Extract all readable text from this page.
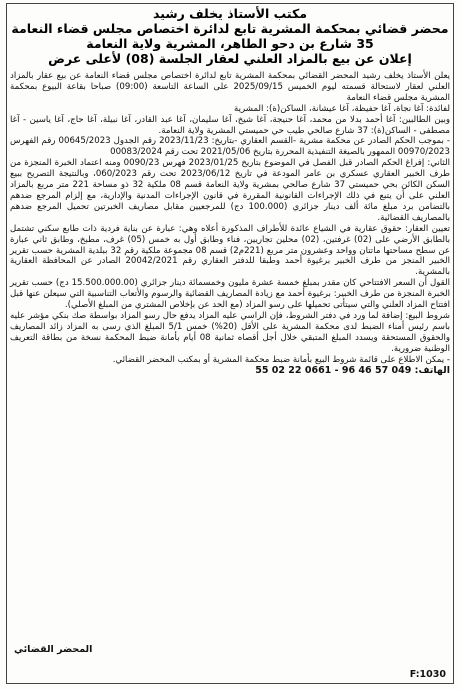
مكتب الأستاذ يخلف رشيد
محضر قضائي بمحكمة المشرية تابع لدائرة اختصاص مجلس قضاء النعامة
35 شارع بن دحو الطاهر، المشرية ولاية النعامة
إعلان عن بيع بالمزاد العلني لعقار الجلسة (08) لأعلى عرض

يعلن الأستاذ يخلف رشيد المحضر القضائي بمحكمة المشرية تابع لدائرة اختصاص مجلس قضاء النعامة عن بيع عقار بالمزاد العلني لعقار لاستحالة قسمته ليوم الخميس 2025/09/15 على الساعة التاسعة (09:00) صباحا بقاعة البيوع بمحكمة المشرية مجلس قضاء النعامة

لفائدة: آغا نجاة، آغا حفيظة، آغا عيشانة، الساكن(ة): المشرية

وبين الطالبين: آغا أحمد بدلا من محمد، آغا حنيجة، آغا شيخ، آغا سليمان، آغا عبد القادر، آغا نبيلة، آغا حاج، آغا ياسين - آغا مصطفى - الساكن(ة): 37 شارع صالحي طيب حي حميستي المشرية ولاية النعامة.

- بموجب الحكم الصادر عن محكمة مشرية -القسم العقاري -بتاريخ: 2023/11/23 رقم الجدول 00645/2023 رقم الفهرس 00970/2023 الممهور بالصيغة التنفيذية المحررة بتاريخ 2021/05/06 تحت رقم 00083/2024

الثاني: إفراغ الحكم الصادر قبل الفصل في الموضوع بتاريخ 2023/01/25 فهرس 0090/23 ومنه اعتماد الخبرة المنجزة من طرف الخبير العقاري عسكري بن عامر المودعة في تاريخ 2023/06/12 تحت رقم 060/2023، وبالنتيجة التصريح ببيع السكن الكائن بحي حميستي 37 شارع صالحي بمشرية ولاية النعامة قسم 08 ملكية 32 ذو مساحة 221 متر مربع بالمزاد العلني على أن يتبع في ذلك الإجراءات القانونية المقررة في قانون الإجراءات المدنية والإدارية، مع إلزام المرجع ضدهم بالتضامن برد مبلغ مائة ألف دينار جزائري (100.000 دج) للمرجعيين مقابل مصاريف الخبرتين تحميل المرجع ضدهم بالمصاريف القضائية.

تعيين العقار: حقوق عقارية في الشياع عائدة للأطراف المذكورة أعلاه وهي: عبارة عن بناية فردية ذات طابع سكني تشتمل بالطابق الأرضي على (02) غرفتين، (02) محلين تجاريين، فناء وطابق أول به خمس (05) غرف، مطبخ، وطابق ثاني عبارة عن سطح مساحتها ماتتان وواحد وعشرون متر مربع (221م2) قسم 08 مجموعة ملكية رقم 32 ببلدية المشرية حسب تقرير الخبير المنجز من طرف الخبير برغيوة أحمد وطبقا للدفتر العقاري رقم 20042/2021 الصادر عن المحافظة العقارية بالمشرية.

القول أن السعر الافتتاحي كان مقدر بمبلغ خمسة عشرة مليون وخمسمائة دينار جزائري (15.500.000.00 دج) حسب تقرير الخبرة المنجزة من طرف الخبير: برغيوة أحمد مع زيادة المصاريف القضائية والرسوم والأتعاب التناسبية التي سيعلن عنها قبل افتتاح المزاد العلني والتي سيتأتى تحميلها على رسو المزاد (مع الحد عن بإخلاص المشتري من المبلغ الأصلي).

شروط البيع: إضافة لما ورد في دفتر الشروط، فإن الراسي عليه المزاد يدفع حال رسو المزاد بواسطة صك بنكي مؤشر عليه باسم رئيس أمناء الضبط لدى محكمة المشرية على الأقل (20%) خمس 5/1 المبلغ الذي رسى به المزاد زائد المصاريف والحقوق المستحقة ويسدد المبلغ المتبقي خلال أجل أقصاه ثمانية 08 أيام بأمانة ضبط المحكمة نسخة من بطاقة التعريف الوطنية ضرورية.

- يمكن الاطلاع على قائمة شروط البيع بأمانة ضبط محكمة المشرية أو بمكتب المحضر القضائي.

الهاتف: 049 57 46 96 - 0661 22 02 55
المحضر القضائي
F:1030
